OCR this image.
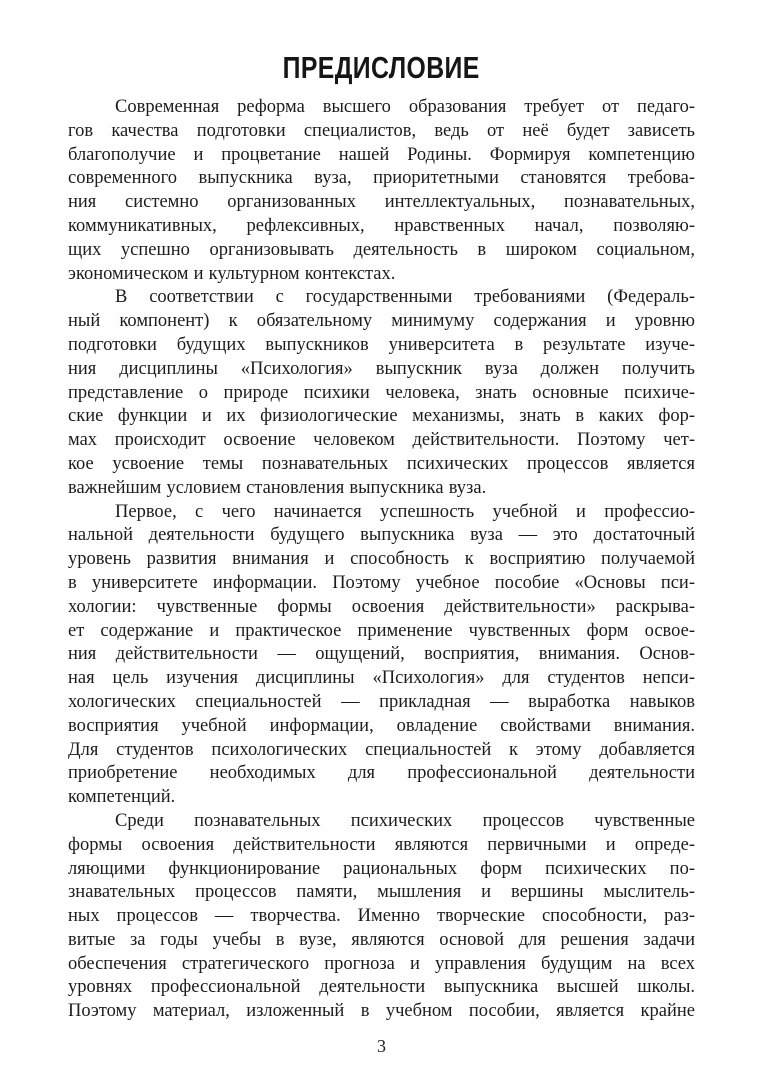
ПРЕДИСЛОВИЕ
Современная реформа высшего образования требует от педаго-
гов качества подготовки специалистов, ведь от неё будет зависеть
благополучие и процветание нашей Родины. Формируя компетенцию
современного выпускника вуза, приоритетными становятся требова-
ния системно организованных интеллектуальных, познавательных,
коммуникативных, рефлексивных, нравственных начал, позволяю-
щих успешно организовывать деятельность в широком социальном,
экономическом и культурном контекстах.
В соответствии с государственными требованиями (Федераль-
ный компонент) к обязательному минимуму содержания и уровню
подготовки будущих выпускников университета в результате изуче-
ния дисциплины «Психология» выпускник вуза должен получить
представление о природе психики человека, знать основные психиче-
ские функции и их физиологические механизмы, знать в каких фор-
мах происходит освоение человеком действительности. Поэтому чет-
кое усвоение темы познавательных психических процессов является
важнейшим условием становления выпускника вуза.
Первое, с чего начинается успешность учебной и профессио-
нальной деятельности будущего выпускника вуза — это достаточный
уровень развития внимания и способность к восприятию получаемой
в университете информации. Поэтому учебное пособие «Основы пси-
хологии: чувственные формы освоения действительности» раскрыва-
ет содержание и практическое применение чувственных форм освое-
ния действительности — ощущений, восприятия, внимания. Основ-
ная цель изучения дисциплины «Психология» для студентов непси-
хологических специальностей — прикладная — выработка навыков
восприятия учебной информации, овладение свойствами внимания.
Для студентов психологических специальностей к этому добавляется
приобретение необходимых для профессиональной деятельности
компетенций.
Среди познавательных психических процессов чувственные
формы освоения действительности являются первичными и опреде-
ляющими функционирование рациональных форм психических по-
знавательных процессов памяти, мышления и вершины мыслитель-
ных процессов — творчества. Именно творческие способности, раз-
витые за годы учебы в вузе, являются основой для решения задачи
обеспечения стратегического прогноза и управления будущим на всех
уровнях профессиональной деятельности выпускника высшей школы.
Поэтому материал, изложенный в учебном пособии, является крайне
3
